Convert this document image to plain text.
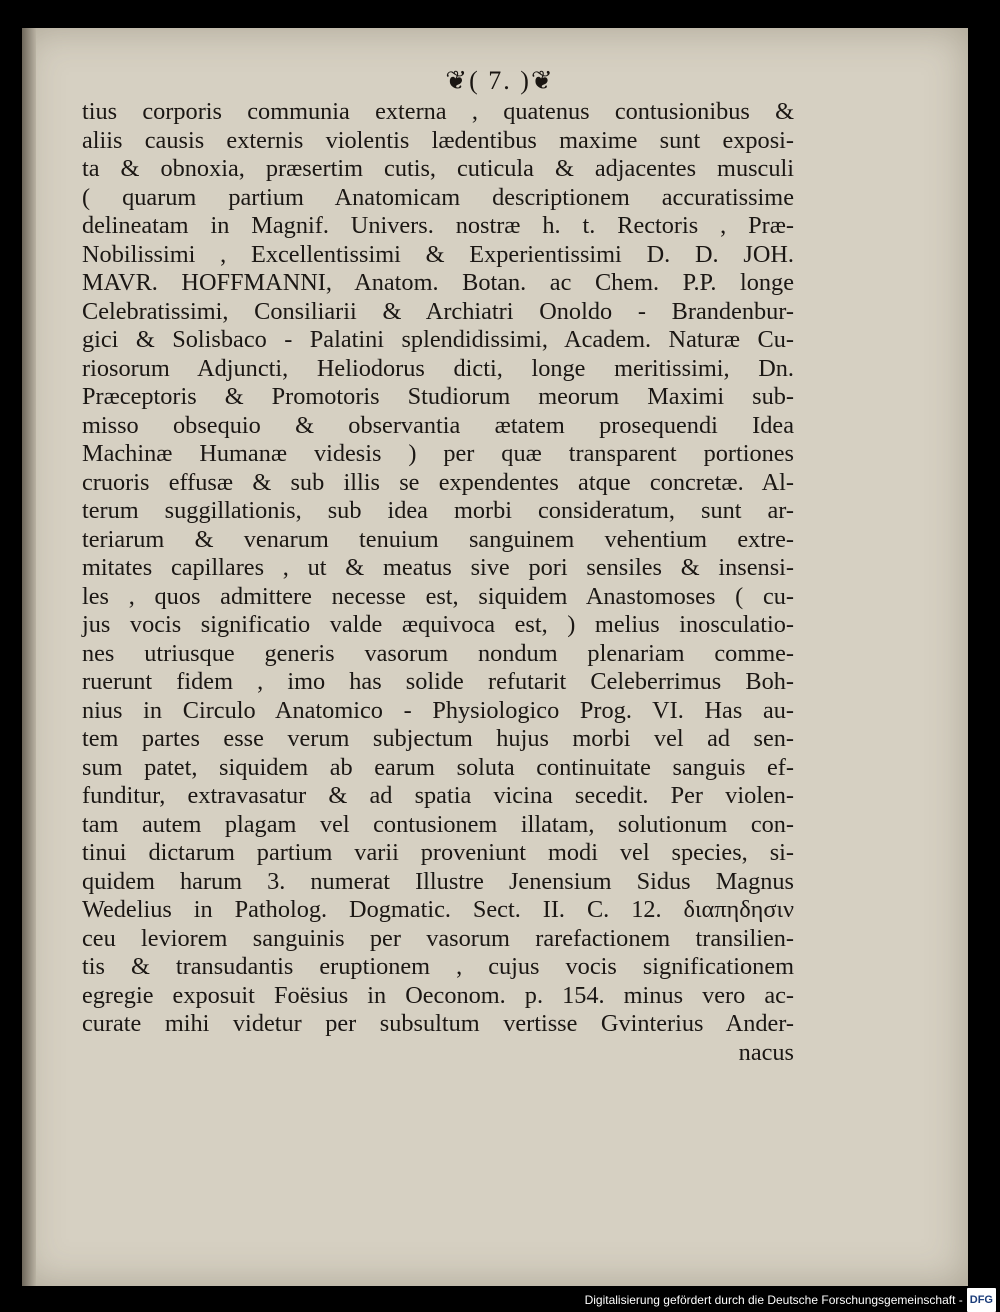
❦( 7. )❦
tius corporis communia externa , quatenus contusionibus &
aliis causis externis violentis lædentibus maxime sunt exposi-
ta & obnoxia, præsertim cutis, cuticula & adjacentes musculi
( quarum partium Anatomicam descriptionem accuratissime
delineatam in Magnif. Univers. nostræ h. t. Rectoris , Præ-
Nobilissimi , Excellentissimi & Experientissimi D. D. JOH.
MAVR. HOFFMANNI, Anatom. Botan. ac Chem. P.P. longe
Celebratissimi, Consiliarii & Archiatri Onoldo - Brandenbur-
gici & Solisbaco - Palatini splendidissimi, Academ. Naturæ Cu-
riosorum Adjuncti, Heliodorus dicti, longe meritissimi, Dn.
Præceptoris & Promotoris Studiorum meorum Maximi sub-
misso obsequio & observantia ætatem prosequendi Idea
Machinæ Humanæ videsis ) per quæ transparent portiones
cruoris effusæ & sub illis se expendentes atque concretæ. Al-
terum suggillationis, sub idea morbi consideratum, sunt ar-
teriarum & venarum tenuium sanguinem vehentium extre-
mitates capillares , ut & meatus sive pori sensiles & insensi-
les , quos admittere necesse est, siquidem Anastomoses ( cu-
jus vocis significatio valde æquivoca est, ) melius inosculatio-
nes utriusque generis vasorum nondum plenariam comme-
ruerunt fidem , imo has solide refutarit Celeberrimus Boh-
nius in Circulo Anatomico - Physiologico Prog. VI. Has au-
tem partes esse verum subjectum hujus morbi vel ad sen-
sum patet, siquidem ab earum soluta continuitate sanguis ef-
funditur, extravasatur & ad spatia vicina secedit. Per violen-
tam autem plagam vel contusionem illatam, solutionum con-
tinui dictarum partium varii proveniunt modi vel species, si-
quidem harum 3. numerat Illustre Jenensium Sidus Magnus
Wedelius in Patholog. Dogmatic. Sect. II. C. 12. διαπηδησιν
ceu leviorem sanguinis per vasorum rarefactionem transilien-
tis & transudantis eruptionem , cujus vocis significationem
egregie exposuit Foësius in Oeconom. p. 154. minus vero ac-
curate mihi videtur per subsultum vertisse Gvinterius Ander-
nacus
Digitalisierung gefördert durch die Deutsche Forschungsgemeinschaft - DFG
